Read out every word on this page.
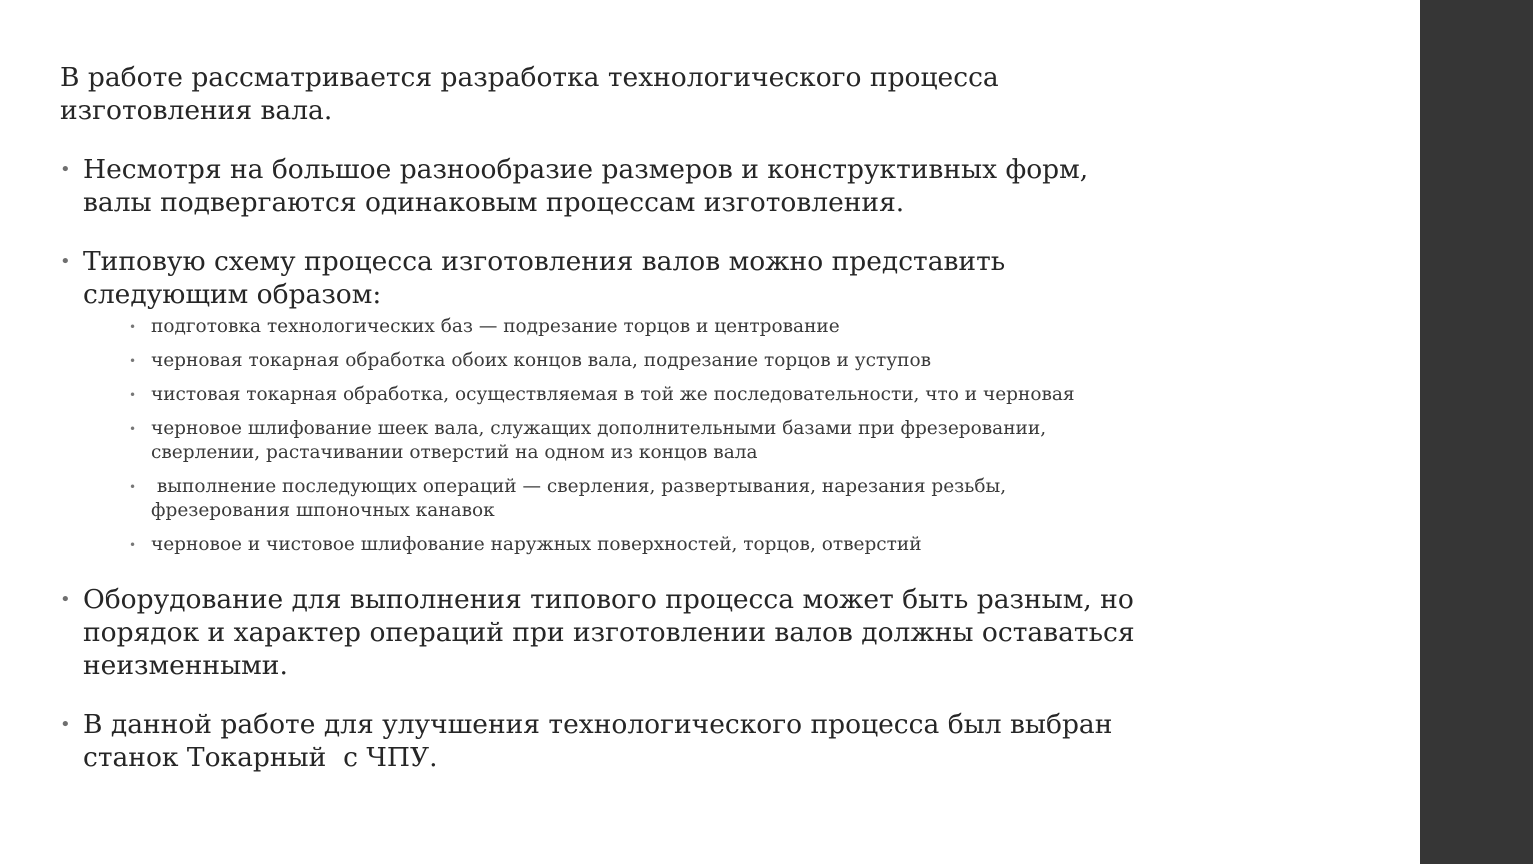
В работе рассматривается разработка технологического процесса изготовления вала.

• Несмотря на большое разнообразие размеров и конструктивных форм, валы подвергаются одинаковым процессам изготовления.
• Типовую схему процесса изготовления валов можно представить следующим образом:
• подготовка технологических баз — подрезание торцов и центрование
• черновая токарная обработка обоих концов вала, подрезание торцов и уступов
• чистовая токарная обработка, осуществляемая в той же последовательности, что и черновая
• черновое шлифование шеек вала, служащих дополнительными базами при фрезеровании, сверлении, растачивании отверстий на одном из концов вала
• выполнение последующих операций — сверления, развертывания, нарезания резьбы, фрезерования шпоночных канавок
• черновое и чистовое шлифование наружных поверхностей, торцов, отверстий
• Оборудование для выполнения типового процесса может быть разным, но порядок и характер операций при изготовлении валов должны оставаться неизменными.
• В данной работе для улучшения технологического процесса был выбран станок Токарный  с ЧПУ.
